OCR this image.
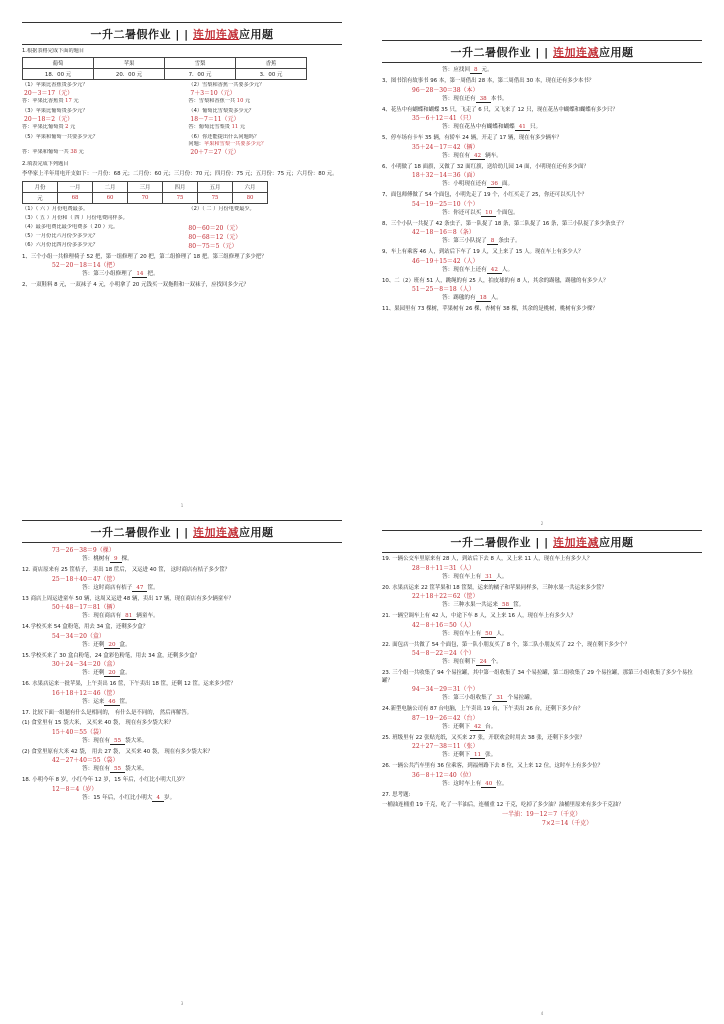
一升二暑假作业 | | 连加连减应用题
1.根据表格完成下面的题目
葡萄	苹果	雪梨	香蕉
18．00 元	20．00 元	7．00 元	3．00 元
（1）苹果比香蕉贵多少元？
20－3＝17（元）
答：苹果比香蕉贵 17 元
（3）苹果比葡萄贵多少元？
20－18＝2（元）
答：苹果比葡萄贵 2 元
（5）苹果和葡萄一共要多少元？
答：苹果和葡萄一共 38 元
（2）雪梨和香蕉一共要多少元？
7＋3＝10（元）
答：雪梨和香蕉一共 10 元
（4）葡萄比雪梨贵多少元？
18－7＝11（元）
答：葡萄比雪梨贵 11 元
（6）你还能提出什么问题吗？
问题：苹果和雪梨一共要多少元？
20＋7＝27（元）
2.填表完成下列题目
李华家上半年用电开支如下：一月份：68 元；二月份：60 元；三月份：70 元；四月份：75 元；五月份：75 元；六月份：80 元。
月份	一月	二月	三月	四月	五月	六月
元	68	60	70	75	75	80
（1）（ 六 ）月份电费最多。	（2）（ 二 ）月份电费最少。
（3）（ 五 ）月份和（ 四 ）月份电费同样多。
（4）最多电费比最少电费多（ 20 ）元。	80－60＝20（元）
（5）一月份比六月份少多少元？	80－68＝12（元）
（6）六月份比四月份多多少元？	80－75＝5（元）
1、三个小组一共修理椅子 52 把，第一组修理了 20 把，第二组修理了 18 把。第三组修理了多少把？
52－20－18＝14（把）
答：第三小组修理了 14 把。
2、一双鞋料 8 元，一双袜子 4 元，小明拿了 20 元钱买一双拖鞋和一双袜子，应找回多少元？
1
一升二暑假作业 | | 连加连减应用题
答：应找回 8 元。
3、图书馆有故事书 96 本，第一周借出 28 本，第二周借出 30 本，现在还有多少本书？
96－28－30＝38（本）
答：现在还有 38 本书。
4、花丛中有蝴蝶和蝴蝶 35 只，飞走了 6 只，又飞来了 12 只，现在花丛中蝴蝶和蝴蝶有多少只？
35－6＋12＝41（只）
答：现在花丛中有蝴蝶和蝴蝶 41 只。
5、停车场有卡车 35 辆，有轿车 24 辆，开走了 17 辆，现在有多少辆车？
35＋24－17＝42（辆）
答：现在有 42 辆车。
6、小明做了 18 面旗，又做了 32 面红旗，送给幼儿园 14 面，小明现在还有多少面？
18＋32－14＝36（面）
答：小明现在还有 36 面。
7、面包师傅做了 54 个面包，小明先走了 19 个，小红买走了 25，你还可以买几个？
54－19－25＝10（个）
答：你还可以买 10 个面包。
8、三个小队一共捉了 42 条虫子，第一队捉了 18 条，第二队捉了 16 条，第三小队捉了多少条虫子？
42－18－16＝8（条）
答：第三小队捉了 8 条虫子。
9、车上有乘客 46 人，到站后下车了 19 人，又上来了 15 人。现在车上有多少人？
46－19＋15＝42（人）
答：现在车上还有 42 人。
10、二（2）班有 51 人，跳绳的有 25 人，拍皮球的有 8 人，其余的踢毽，踢毽的有多少人？
51－25－8＝18（人）
答：踢毽的有 18 人。
11、果园里有 73 棵树，苹果树有 26 棵，杏树有 38 棵，其余的是桃树，桃树有多少棵？
2
一升二暑假作业 | | 连加连减应用题
73－26－38＝9（棵）
答：桃树有 9 棵。
12. 商店原来有 25 筐桔子， 卖出 18 筐后， 又运进 40 筐， 这时商店有桔子多少筐？
25－18＋40＝47（筐）
答：这时商店有桔子 47 筐。
13 商店上周运进童车 50 辆，这周又运进 48 辆，卖出 17 辆，现在商店有多少辆童车？
50＋48－17＝81（辆）
答：现在商店有 81 辆童车。
14.学校买来 54 盒粉笔，用去 34 盒，还剩多少盒？
54－34＝20（盒）
答：还剩 20 盒。
15.学校买来了 30 盒白粉笔，24 盒彩色粉笔，用去 34 盒，还剩多少盒？
30＋24－34＝20（盒）
答：还剩 20 盒。
16. 水果店运来一批苹果，上午卖出 16 筐，下午卖出 18 筐，还剩 12 筐。运来多少筐？
16＋18＋12＝46（筐）
答：运来 46 筐。
17. 比较下面一组题有什么是相同的， 有什么是不同的， 然后再解答。
(1) 食堂里有 15 袋大米， 又买来 40 袋， 现在有多少袋大米？
15＋40＝55（袋）
答：现在有 55 袋大米。
(2) 食堂里原有大米 42 袋， 用去 27 袋， 又买来 40 袋， 现在有多少袋大米？
42－27＋40＝55（袋）
答：现在有 55 袋大米。
18. 小明今年 8 岁，小红今年 12 岁，15 年后，小红比小明大几岁？
12－8＝4（岁）
答：15 年后，小红比小明大 4 岁。
3
一升二暑假作业 | | 连加连减应用题
19. 一辆公交车里原来有 28 人，到站后下去 8 人，又上来 11 人，现在车上有多少人？
28－8＋11＝31（人）
答：现在车上有 31 人。
20. 水果店运来 22 筐苹果和 18 筐梨，运来的橘子和苹果同样多，三种水果一共运来多少筐？
22＋18＋22＝62（筐）
答：三种水果一共运来 58 筐。
21. 一辆空调车上有 42 人，中途下车 8 人，又上来 16 人，现在车上有多少人？
42－8＋16＝50（人）
答：现在车上有 50 人。
22. 面包店一共做了 54 个面包，第一队小朋友买了 8 个，第二队小朋友买了 22 个，现在剩下多少个？
54－8－22＝24（个）
答：现在剩下 24 个。
23. 三个组一共收集了 94 个易拉罐，其中第一组收集了 34 个易拉罐，第二组收集了 29 个易拉罐，那第三小组收集了多少个易拉罐？
94－34－29＝31（个）
答：第三小组收集了 31 个易拉罐。
24.新型电脑公司有 87 台电脑，上午卖出 19 台，下午卖出 26 台，还剩下多少台？
87－19－26＝42（台）
答：还剩下 42 台。
25. 班级里有 22 张贴光纸，又买来 27 张，开联欢会时用去 38 张，还剩下多少张？
22＋27－38＝11（张）
答：还剩下 11 张。
26. 一辆公共汽车里有 36 位乘客，到福州路下去 8 位，又上来 12 位，这时车上有多少位？
36－8＋12＝40（位）
答：这时车上有 40 位。
27. 思考题:
一桶油连桶重 19 千克，吃了一半油后，连桶重 12 千克，吃掉了多少油？油桶里原来有多少千克油？
一半油：19－12＝7（千克）
7×2＝14（千克）
4
